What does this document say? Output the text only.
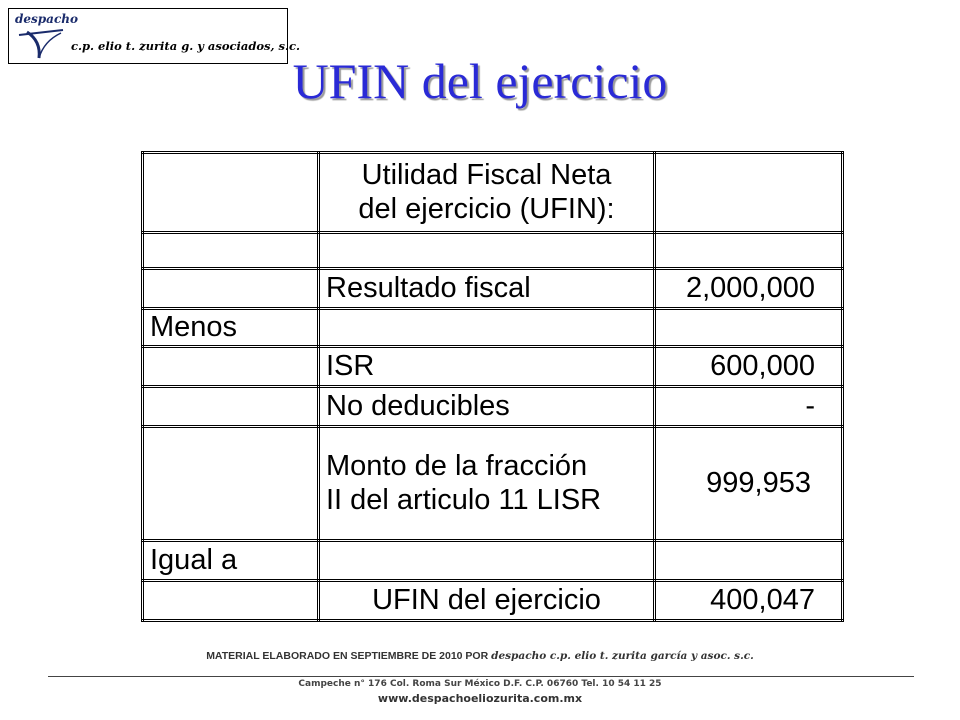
despacho
c.p. elio t. zurita g. y asociados, s.c.
UFIN del ejercicio

	Utilidad Fiscal Neta
del ejercicio (UFIN):	

	Resultado fiscal	2,000,000
Menos		
	ISR	600,000
	No deducibles	-

	Monto de la fracción
II del articulo 11 LISR	999,953
Igual a		
	UFIN del ejercicio	400,047
MATERIAL ELABORADO EN SEPTIEMBRE DE 2010 POR despacho c.p. elio t. zurita garcía y asoc. s.c.
Campeche n° 176 Col. Roma Sur México D.F. C.P. 06760 Tel. 10 54 11 25
www.despachoeliozurita.com.mx
